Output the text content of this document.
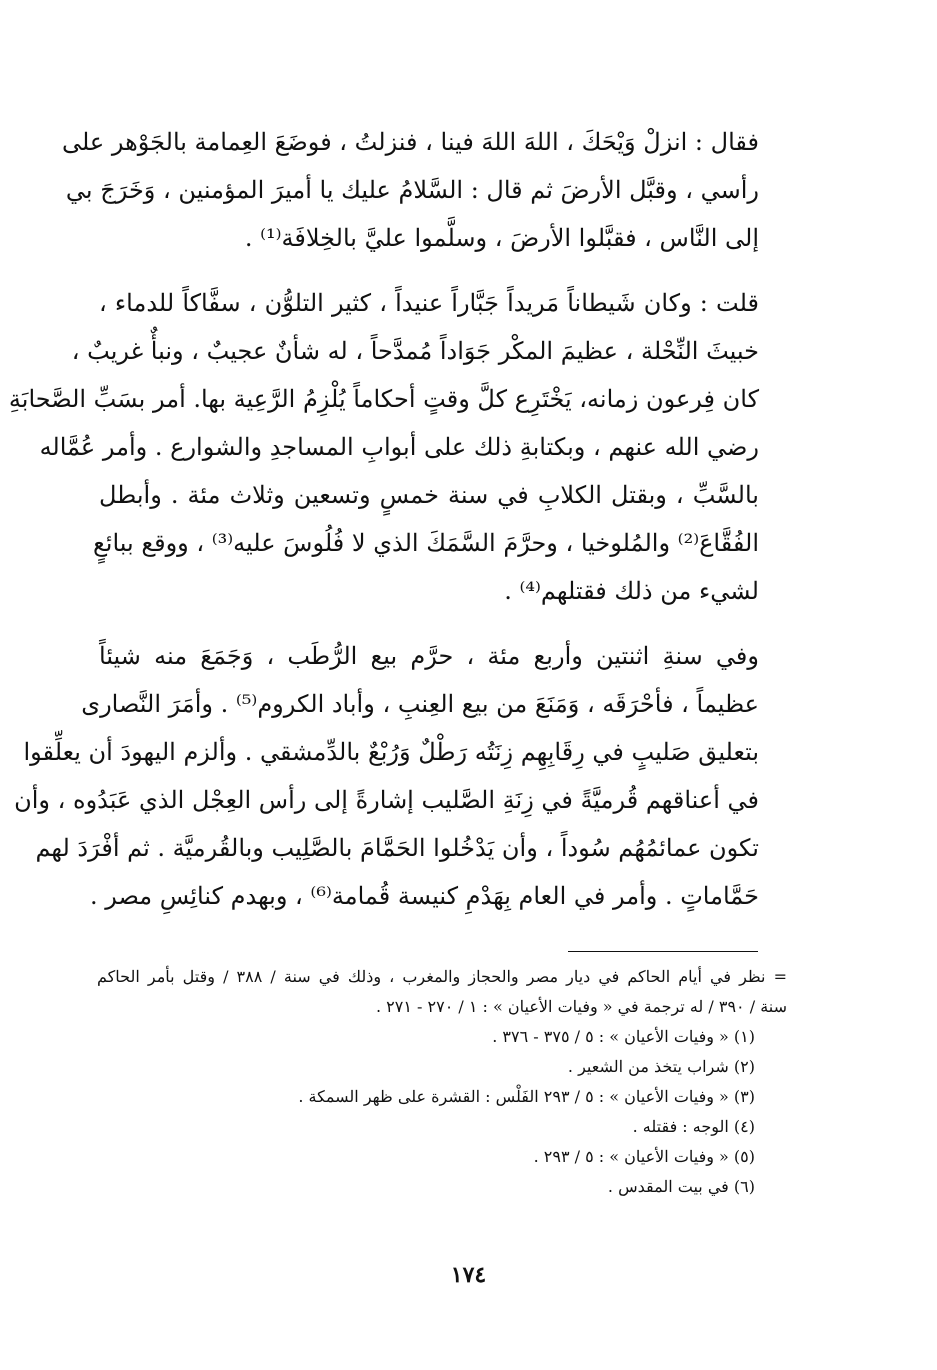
فقال : انزلْ وَيْحَكَ ، اللهَ اللهَ فينا ، فنزلتُ ، فوضَعَ العِمامة بالجَوْهر على
رأسي ، وقبَّل الأرضَ ثم قال : السَّلامُ عليك يا أميرَ المؤمنين ، وَخَرَجَ بي
إلى النَّاس ، فقبَّلوا الأرضَ ، وسلَّموا عليَّ بالخِلافَة⁽¹⁾ .
قلت : وكان شَيطاناً مَريداً جَبَّاراً عنيداً ، كثير التلوُّن ، سفَّاكاً للدماء ،
خبيثَ النِّحْلة ، عظيمَ المكْر جَوَاداً مُمدَّحاً ، له شأنٌ عجيبٌ ، ونبأٌ غريبٌ ،
كان فِرعون زمانه، يَخْتَرِع كلَّ وقتٍ أحكاماً يُلْزِمُ الرَّعِية بها. أمر بسَبِّ الصَّحابَةِ
رضي الله عنهم ، وبكتابةِ ذلك على أبوابِ المساجدِ والشوارع . وأمر عُمَّاله
بالسَّبِّ ، وبقتل الكلابِ في سنة خمسٍ وتسعين وثلاث مئة . وأبطل
الفُقَّاعَ⁽²⁾ والمُلوخيا ، وحرَّمَ السَّمَكَ الذي لا فُلُوسَ عليه⁽³⁾ ، ووقع ببائعٍ
لشيء من ذلك فقتلهم⁽⁴⁾ .
وفي سنةِ اثنتين وأربع مئة ، حرَّم بيع الرُّطَب ، وَجَمَعَ منه شيئاً
عظيماً ، فأحْرَقَه ، وَمَنَعَ من بيع العِنبِ ، وأباد الكروم⁽⁵⁾ . وأمَرَ النَّصارى
بتعليق صَليبٍ في رِقَابِهِم زِنَتُه رَطْلٌ وَرُبْعٌ بالدِّمشقي . وألزم اليهودَ أن يعلِّقوا
في أعناقهم قُرميَّةً في زِنَةِ الصَّليب إشارةً إلى رأس العِجْل الذي عَبَدُوه ، وأن
تكون عمائمُهُم سُوداً ، وأن يَدْخُلوا الحَمَّامَ بالصَّلِيب وبالقُرميَّة . ثم أفْرَدَ لهم
حَمَّاماتٍ . وأمر في العام بِهَدْمِ كنيسة قُمامة⁽⁶⁾ ، وبهدم كنائِسِ مصر .
= نظر في أيام الحاكم في ديار مصر والحجاز والمغرب ، وذلك في سنة / ٣٨٨ / وقتل بأمر الحاكم
سنة / ٣٩٠ / له ترجمة في « وفيات الأعيان » : ١ / ٢٧٠ - ٢٧١ .
(١) « وفيات الأعيان » : ٥ / ٣٧٥ - ٣٧٦ .
(٢) شراب يتخذ من الشعير .
(٣) « وفيات الأعيان » : ٥ / ٢٩٣ الفَلْس : القشرة على ظهر السمكة .
(٤) الوجه : فقتله .
(٥) « وفيات الأعيان » : ٥ / ٢٩٣ .
(٦) في بيت المقدس .
١٧٤
